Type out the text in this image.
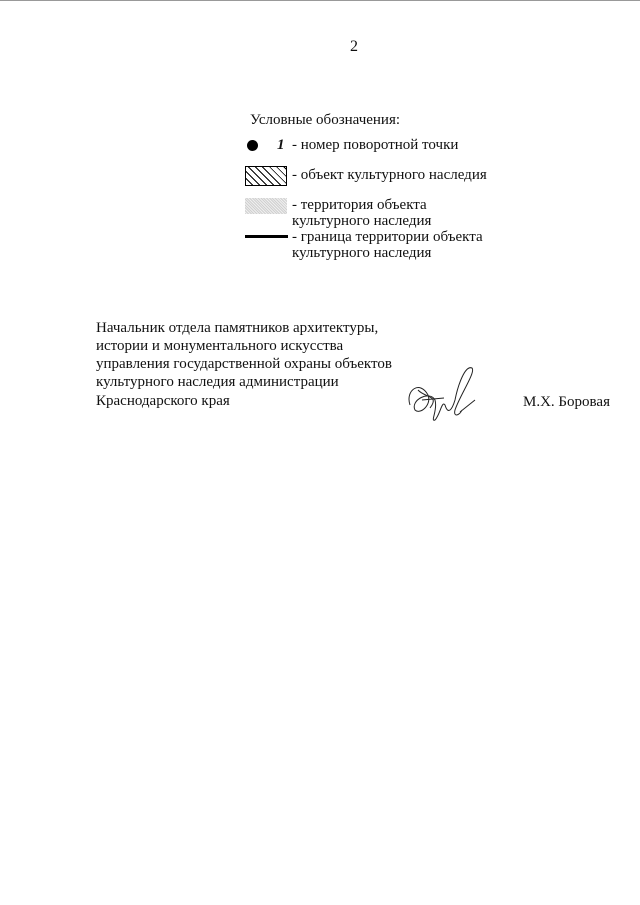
2
Условные обозначения:
1 - номер поворотной точки
- объект культурного наследия
- территория объекта
культурного наследия
- граница территории объекта
культурного наследия
Начальник отдела памятников архитектуры,
истории и монументального искусства
управления государственной охраны объектов
культурного наследия администрации
Краснодарского края	М.Х. Боровая
